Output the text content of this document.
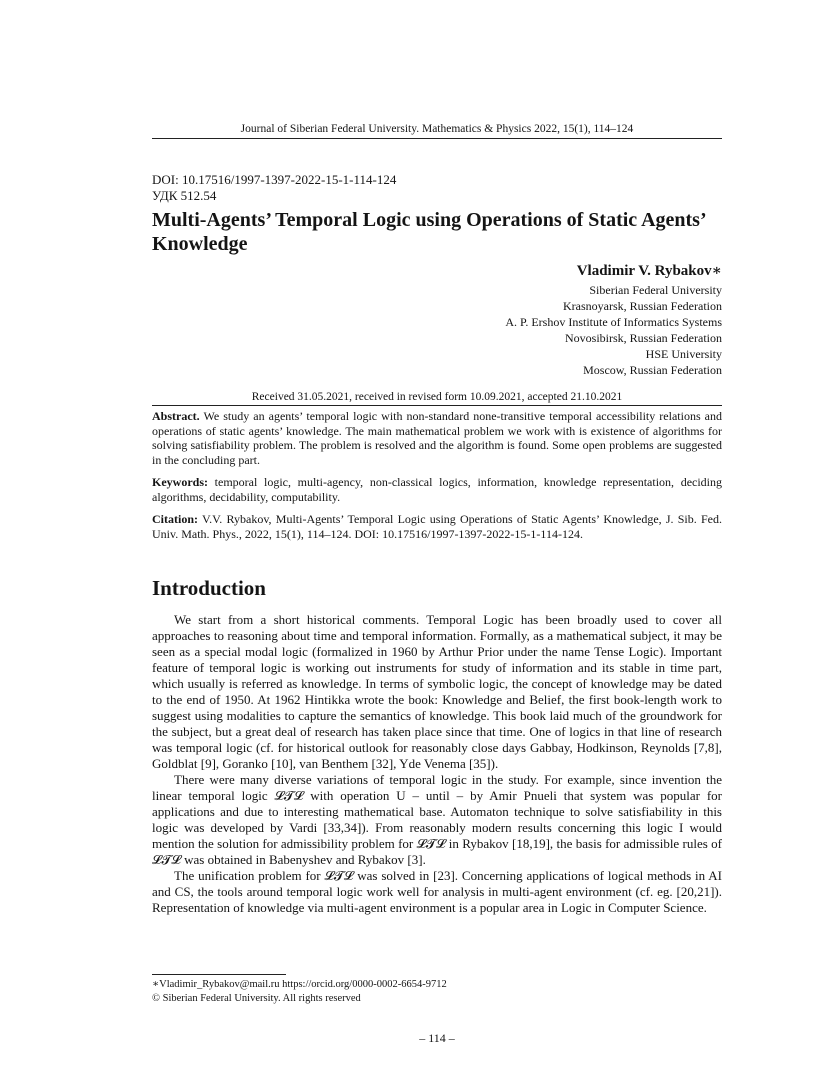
Journal of Siberian Federal University. Mathematics & Physics 2022, 15(1), 114–124
DOI: 10.17516/1997-1397-2022-15-1-114-124
УДК 512.54
Multi-Agents’ Temporal Logic using Operations of Static Agents’ Knowledge
Vladimir V. Rybakov∗
Siberian Federal University
Krasnoyarsk, Russian Federation
A. P. Ershov Institute of Informatics Systems
Novosibirsk, Russian Federation
HSE University
Moscow, Russian Federation
Received 31.05.2021, received in revised form 10.09.2021, accepted 21.10.2021
Abstract. We study an agents’ temporal logic with non-standard none-transitive temporal accessibility relations and operations of static agents’ knowledge. The main mathematical problem we work with is existence of algorithms for solving satisfiability problem. The problem is resolved and the algorithm is found. Some open problems are suggested in the concluding part.
Keywords: temporal logic, multi-agency, non-classical logics, information, knowledge representation, deciding algorithms, decidability, computability.
Citation: V.V. Rybakov, Multi-Agents’ Temporal Logic using Operations of Static Agents’ Knowledge, J. Sib. Fed. Univ. Math. Phys., 2022, 15(1), 114–124. DOI: 10.17516/1997-1397-2022-15-1-114-124.
Introduction

We start from a short historical comments. Temporal Logic has been broadly used to cover all approaches to reasoning about time and temporal information. Formally, as a mathematical subject, it may be seen as a special modal logic (formalized in 1960 by Arthur Prior under the name Tense Logic). Important feature of temporal logic is working out instruments for study of information and its stable in time part, which usually is referred as knowledge. In terms of symbolic logic, the concept of knowledge may be dated to the end of 1950. At 1962 Hintikka wrote the book: Knowledge and Belief, the first book-length work to suggest using modalities to capture the semantics of knowledge. This book laid much of the groundwork for the subject, but a great deal of research has taken place since that time. One of logics in that line of research was temporal logic (cf. for historical outlook for reasonably close days Gabbay, Hodkinson, Reynolds [7,8], Goldblat [9], Goranko [10], van Benthem [32], Yde Venema [35]).

There were many diverse variations of temporal logic in the study. For example, since invention the linear temporal logic 𝓛𝓣𝓛 with operation U – until – by Amir Pnueli that system was popular for applications and due to interesting mathematical base. Automaton technique to solve satisfiability in this logic was developed by Vardi [33,34]). From reasonably modern results concerning this logic I would mention the solution for admissibility problem for 𝓛𝓣𝓛 in Rybakov [18,19], the basis for admissible rules of 𝓛𝓣𝓛 was obtained in Babenyshev and Rybakov [3].

The unification problem for 𝓛𝓣𝓛 was solved in [23]. Concerning applications of logical methods in AI and CS, the tools around temporal logic work well for analysis in multi-agent environment (cf. eg. [20,21]). Representation of knowledge via multi-agent environment is a popular area in Logic in Computer Science.

∗Vladimir_Rybakov@mail.ru https://orcid.org/0000-0002-6654-9712
© Siberian Federal University. All rights reserved
– 114 –
